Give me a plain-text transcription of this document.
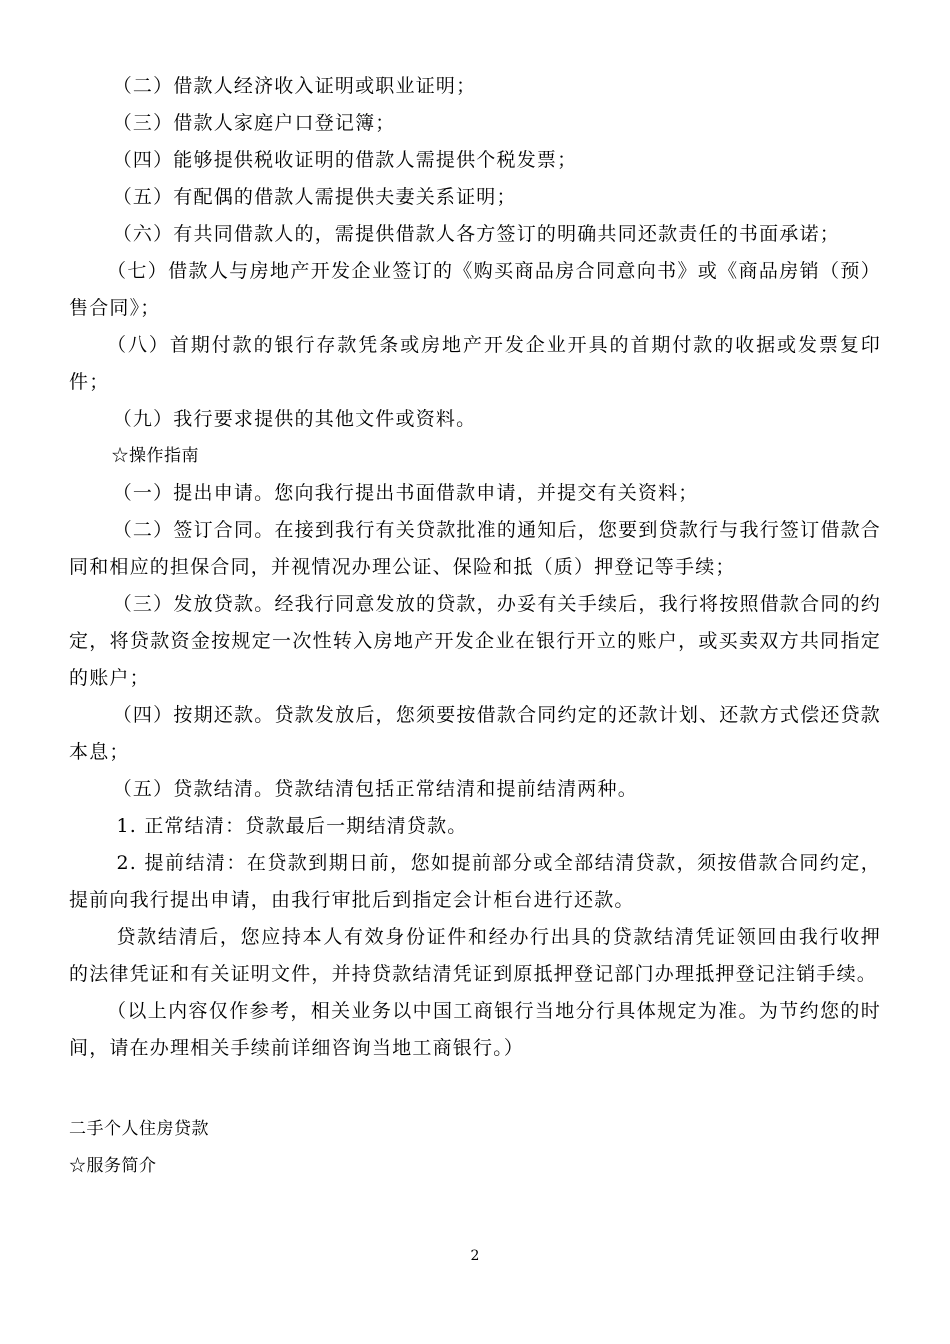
（二）借款人经济收入证明或职业证明；

（三）借款人家庭户口登记簿；

（四）能够提供税收证明的借款人需提供个税发票；

（五）有配偶的借款人需提供夫妻关系证明；

（六）有共同借款人的，需提供借款人各方签订的明确共同还款责任的书面承诺；

（七）借款人与房地产开发企业签订的《购买商品房合同意向书》或《商品房销（预）售合同》；

（八）首期付款的银行存款凭条或房地产开发企业开具的首期付款的收据或发票复印件；

（九）我行要求提供的其他文件或资料。

☆操作指南

（一）提出申请。您向我行提出书面借款申请，并提交有关资料；

（二）签订合同。在接到我行有关贷款批准的通知后，您要到贷款行与我行签订借款合同和相应的担保合同，并视情况办理公证、保险和抵（质）押登记等手续；

（三）发放贷款。经我行同意发放的贷款，办妥有关手续后，我行将按照借款合同的约定，将贷款资金按规定一次性转入房地产开发企业在银行开立的账户，或买卖双方共同指定的账户；

（四）按期还款。贷款发放后，您须要按借款合同约定的还款计划、还款方式偿还贷款本息；

（五）贷款结清。贷款结清包括正常结清和提前结清两种。

1. 正常结清：贷款最后一期结清贷款。

2. 提前结清：在贷款到期日前，您如提前部分或全部结清贷款，须按借款合同约定，提前向我行提出申请，由我行审批后到指定会计柜台进行还款。

贷款结清后，您应持本人有效身份证件和经办行出具的贷款结清凭证领回由我行收押的法律凭证和有关证明文件，并持贷款结清凭证到原抵押登记部门办理抵押登记注销手续。

（以上内容仅作参考，相关业务以中国工商银行当地分行具体规定为准。为节约您的时间，请在办理相关手续前详细咨询当地工商银行。）

二手个人住房贷款

☆服务简介

2
